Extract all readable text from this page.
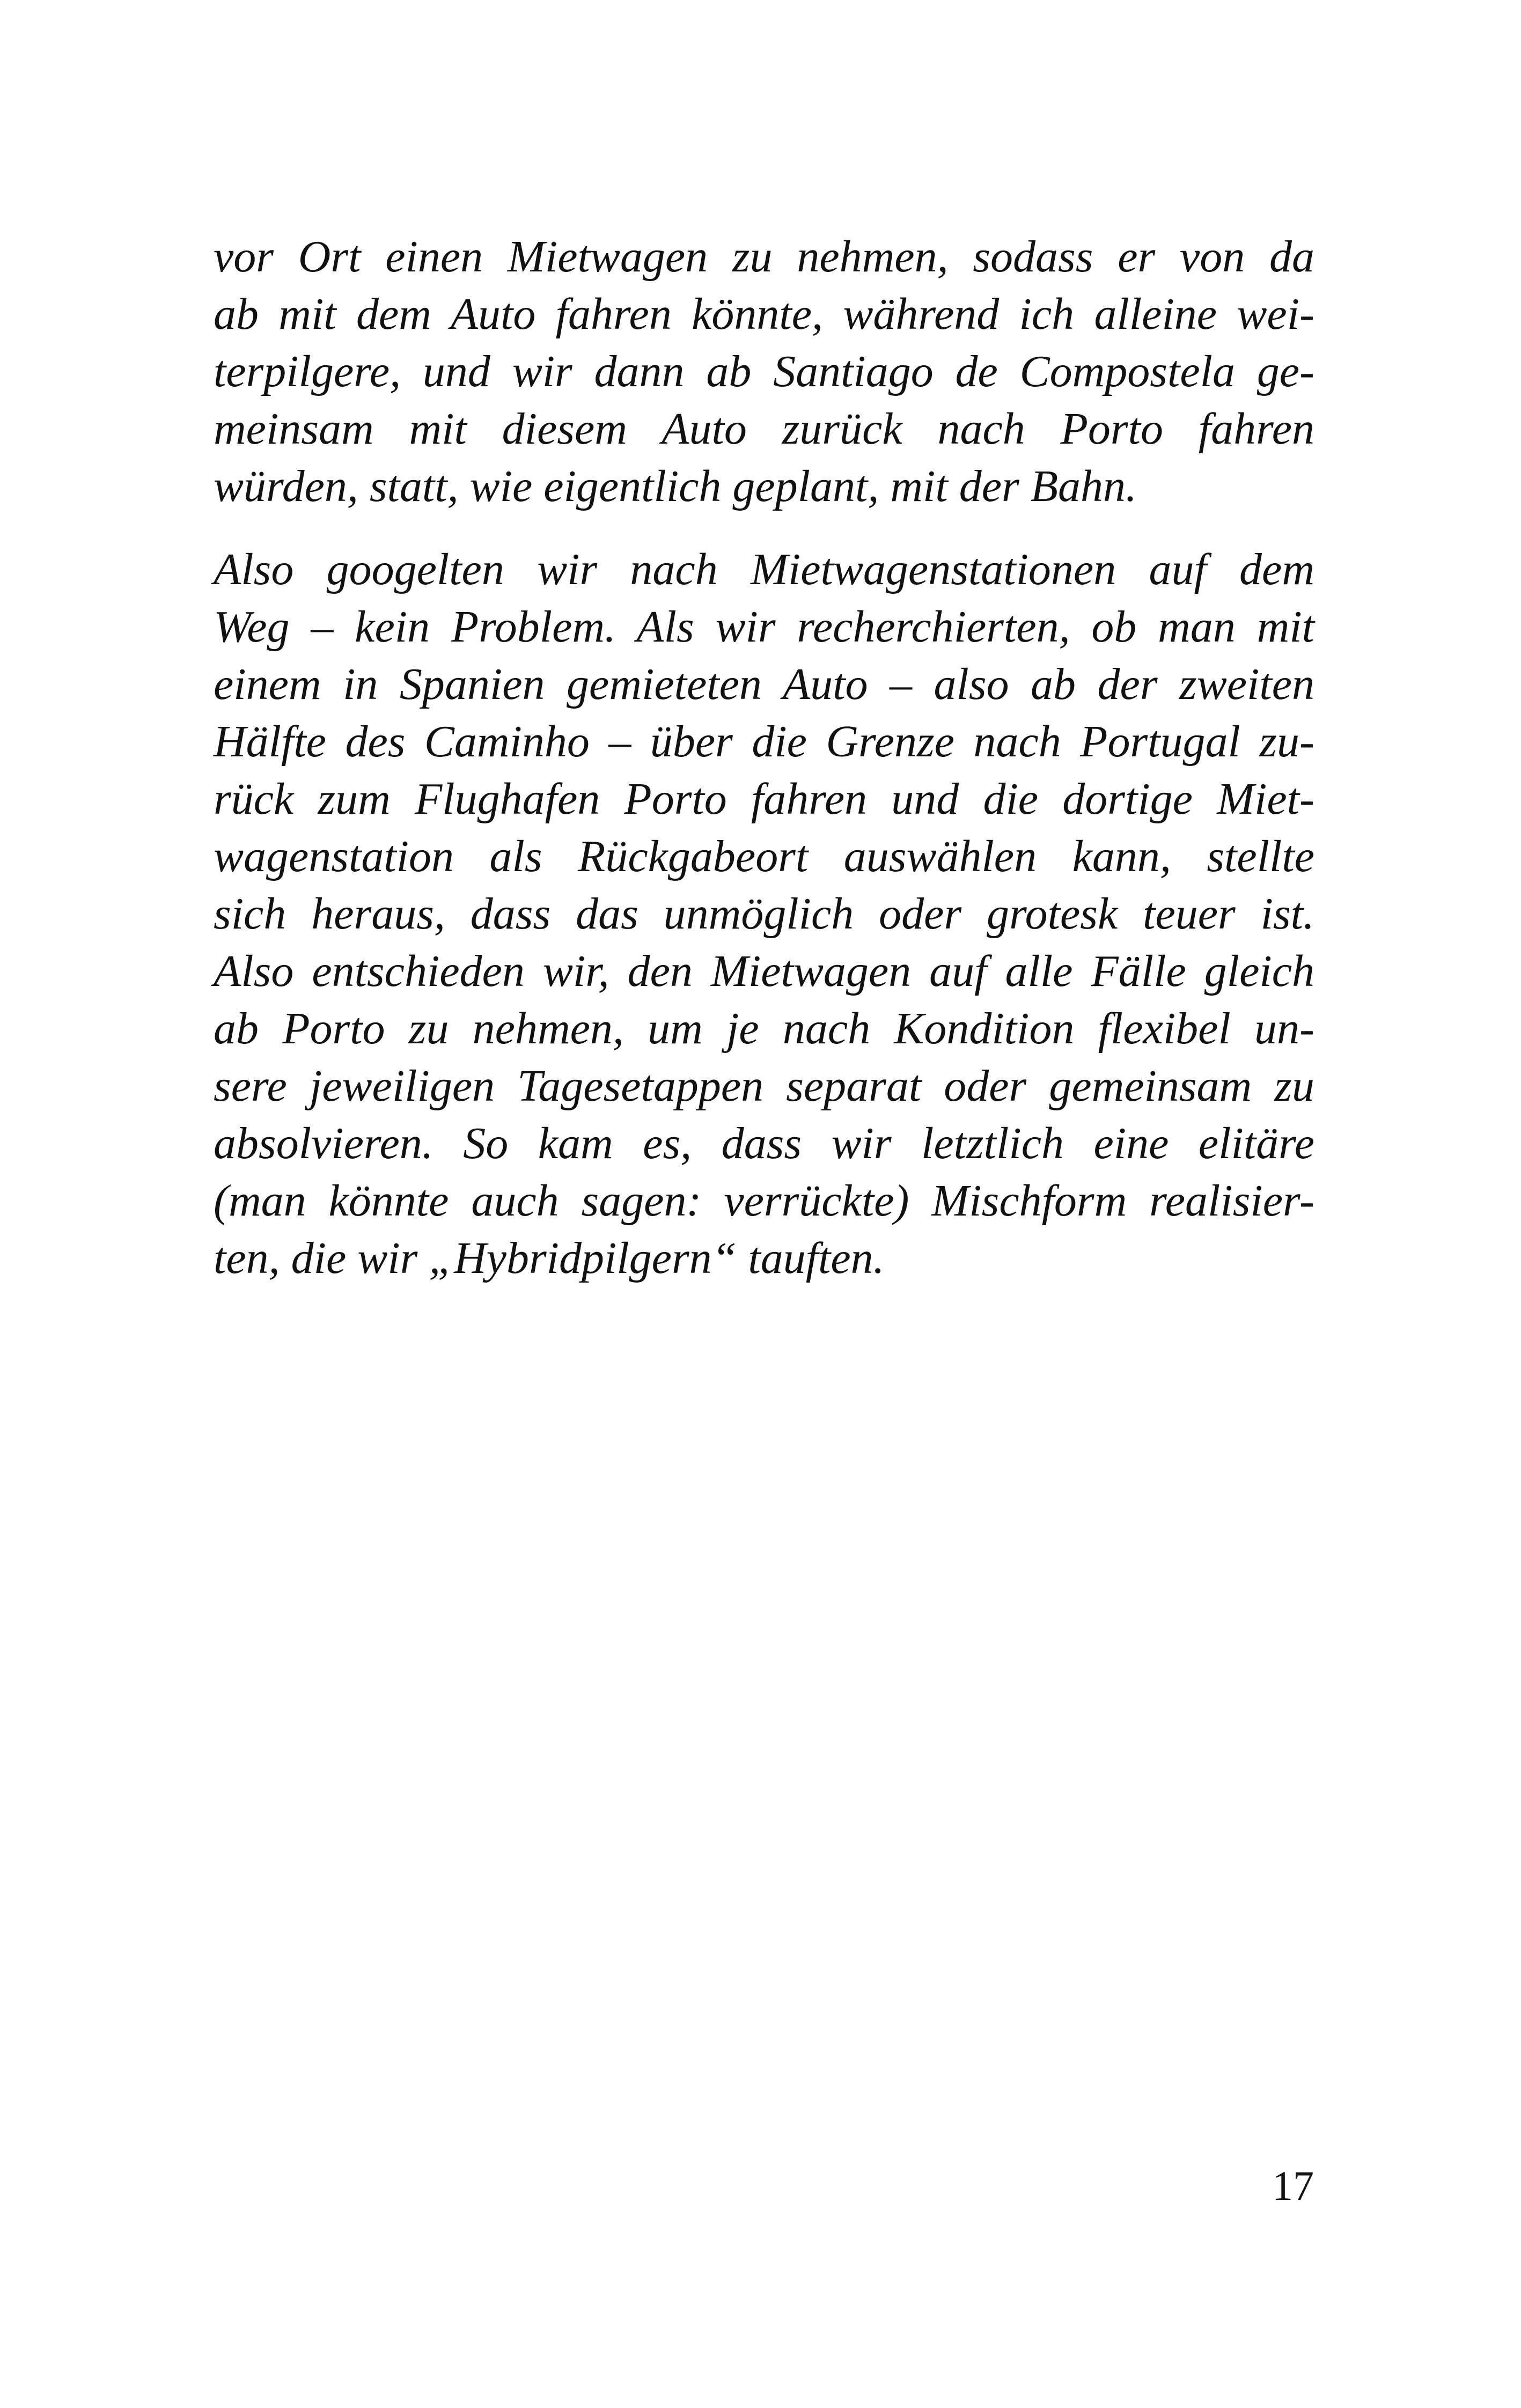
vor Ort einen Mietwagen zu nehmen, sodass er von da
ab mit dem Auto fahren könnte, während ich alleine wei-
terpilgere, und wir dann ab Santiago de Compostela ge-
meinsam mit diesem Auto zurück nach Porto fahren
würden, statt, wie eigentlich geplant, mit der Bahn.

Also googelten wir nach Mietwagenstationen auf dem
Weg – kein Problem. Als wir recherchierten, ob man mit
einem in Spanien gemieteten Auto – also ab der zweiten
Hälfte des Caminho – über die Grenze nach Portugal zu-
rück zum Flughafen Porto fahren und die dortige Miet-
wagenstation als Rückgabeort auswählen kann, stellte
sich heraus, dass das unmöglich oder grotesk teuer ist.
Also entschieden wir, den Mietwagen auf alle Fälle gleich
ab Porto zu nehmen, um je nach Kondition flexibel un-
sere jeweiligen Tagesetappen separat oder gemeinsam zu
absolvieren. So kam es, dass wir letztlich eine elitäre
(man könnte auch sagen: verrückte) Mischform realisier-
ten, die wir „Hybridpilgern“ tauften.

17
